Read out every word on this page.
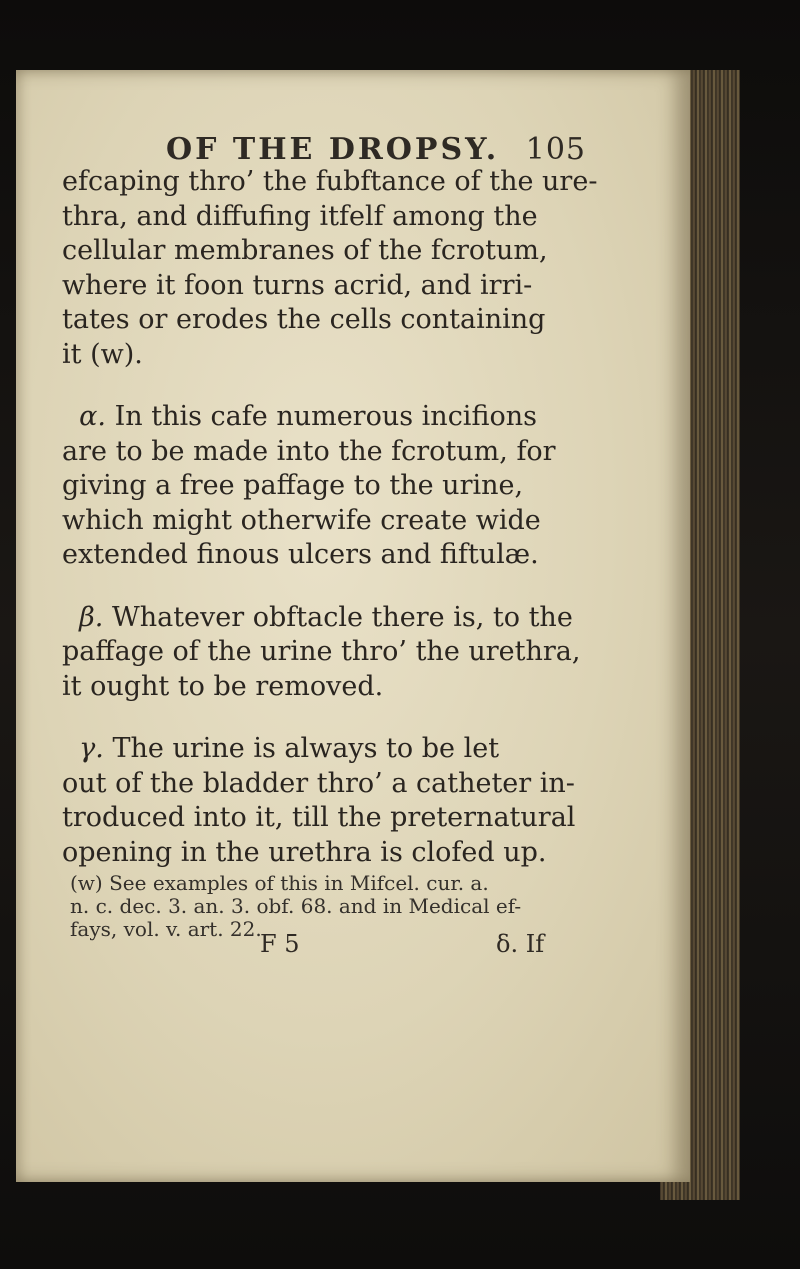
OF THE DROPSY. 105

efcaping thro’ the fubftance of the ure-
thra, and diffufing itfelf among the
cellular membranes of the fcrotum,
where it foon turns acrid, and irri-
tates or erodes the cells containing
it (w).

α. In this cafe numerous incifions
are to be made into the fcrotum, for
giving a free paffage to the urine,
which might otherwife create wide
extended finous ulcers and fiftulæ.

β. Whatever obftacle there is, to the
paffage of the urine thro’ the urethra,
it ought to be removed.

γ. The urine is always to be let
out of the bladder thro’ a catheter in-
troduced into it, till the preternatural
opening in the urethra is clofed up.

(w) See examples of this in Mifcel. cur. a.
n. c. dec. 3. an. 3. obf. 68. and in Medical ef-
fays, vol. v. art. 22.
F 5	δ. If
